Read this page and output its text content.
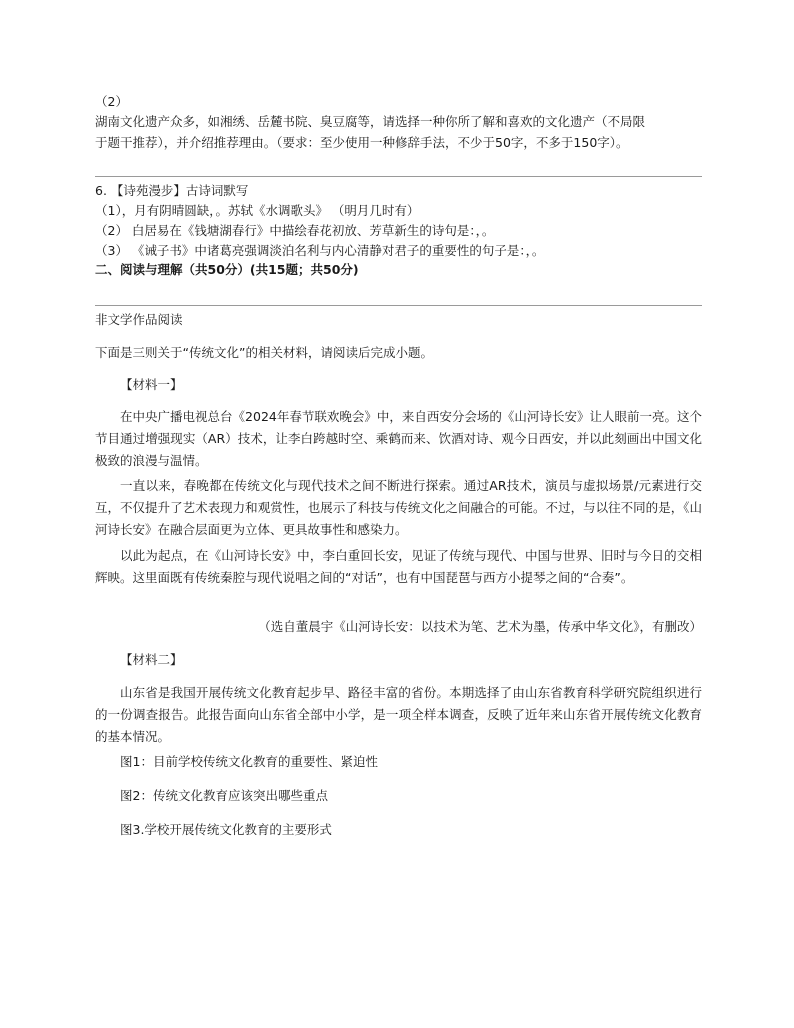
（2）
湖南文化遗产众多，如湘绣、岳麓书院、臭豆腐等，请选择一种你所了解和喜欢的文化遗产（不局限
于题干推荐），并介绍推荐理由。（要求：至少使用一种修辞手法，不少于50字，不多于150字）。
6. 【诗苑漫步】古诗词默写
（1），月有阴晴圆缺，。苏轼《水调歌头》 （明月几时有）
（2） 白居易在《钱塘湖春行》中描绘春花初放、芳草新生的诗句是：，。
（3） 《诫子书》中诸葛亮强调淡泊名利与内心清静对君子的重要性的句子是：，。
二、阅读与理解（共50分）(共15题；共50分)
非文学作品阅读
下面是三则关于“传统文化”的相关材料，请阅读后完成小题。
【材料一】
在中央广播电视总台《2024年春节联欢晚会》中，来自西安分会场的《山河诗长安》让人眼前一亮。这个节目通过增强现实（AR）技术，让李白跨越时空、乘鹤而来、饮酒对诗、观今日西安，并以此刻画出中国文化极致的浪漫与温情。
一直以来，春晚都在传统文化与现代技术之间不断进行探索。通过AR技术，演员与虚拟场景/元素进行交互，不仅提升了艺术表现力和观赏性，也展示了科技与传统文化之间融合的可能。不过，与以往不同的是，《山河诗长安》在融合层面更为立体、更具故事性和感染力。
以此为起点，在《山河诗长安》中，李白重回长安，见证了传统与现代、中国与世界、旧时与今日的交相辉映。这里面既有传统秦腔与现代说唱之间的“对话”，也有中国琵琶与西方小提琴之间的“合奏”。
（选自董晨宇《山河诗长安：以技术为笔、艺术为墨，传承中华文化》，有删改）
【材料二】
山东省是我国开展传统文化教育起步早、路径丰富的省份。本期选择了由山东省教育科学研究院组织进行的一份调查报告。此报告面向山东省全部中小学，是一项全样本调查，反映了近年来山东省开展传统文化教育的基本情况。
图1：目前学校传统文化教育的重要性、紧迫性
图2：传统文化教育应该突出哪些重点
图3.学校开展传统文化教育的主要形式
